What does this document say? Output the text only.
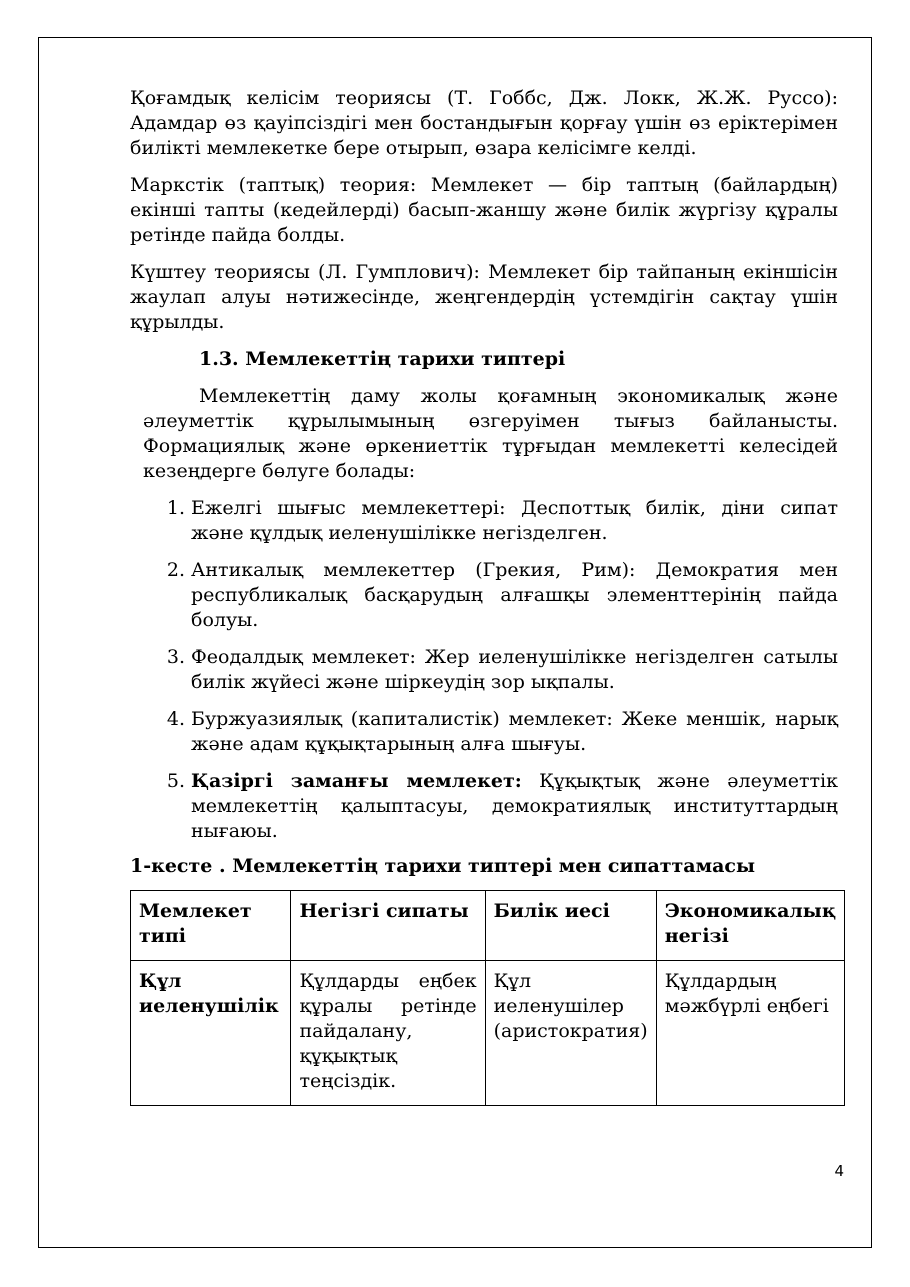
Қоғамдық келісім теориясы (Т. Гоббс, Дж. Локк, Ж.Ж. Руссо): Адамдар өз қауіпсіздігі мен бостандығын қорғау үшін өз еріктерімен билікті мемлекетке бере отырып, өзара келісімге келді.

Маркстік (таптық) теория: Мемлекет — бір таптың (байлардың) екінші тапты (кедейлерді) басып-жаншу және билік жүргізу құралы ретінде пайда болды.

Күштеу теориясы (Л. Гумплович): Мемлекет бір тайпаның екіншісін жаулап алуы нәтижесінде, жеңгендердің үстемдігін сақтау үшін құрылды.

1.3. Мемлекеттің тарихи типтері

Мемлекеттің даму жолы қоғамның экономикалық және әлеуметтік құрылымының өзгеруімен тығыз байланысты. Формациялық және өркениеттік тұрғыдан мемлекетті келесідей кезеңдерге бөлуге болады:

1. Ежелгі шығыс мемлекеттері: Деспоттық билік, діни сипат және құлдық иеленушілікке негізделген.
2. Антикалық мемлекеттер (Грекия, Рим): Демократия мен республикалық басқарудың алғашқы элементтерінің пайда болуы.
3. Феодалдық мемлекет: Жер иеленушілікке негізделген сатылы билік жүйесі және шіркеудің зор ықпалы.
4. Буржуазиялық (капиталистік) мемлекет: Жеке меншік, нарық және адам құқықтарының алға шығуы.
5. Қазіргі заманғы мемлекет: Құқықтық және әлеуметтік мемлекеттің қалыптасуы, демократиялық институттардың нығаюы.
1-кесте . Мемлекеттің тарихи типтері мен сипаттамасы
Мемлекет типі	Негізгі сипаты	Билік иесі	Экономикалық негізі
Құл иеленушілік	Құлдарды еңбек құралы ретінде пайдалану, құқықтық теңсіздік.	Құл иеленушілер (аристократия)	Құлдардың мәжбүрлі еңбегі
4
